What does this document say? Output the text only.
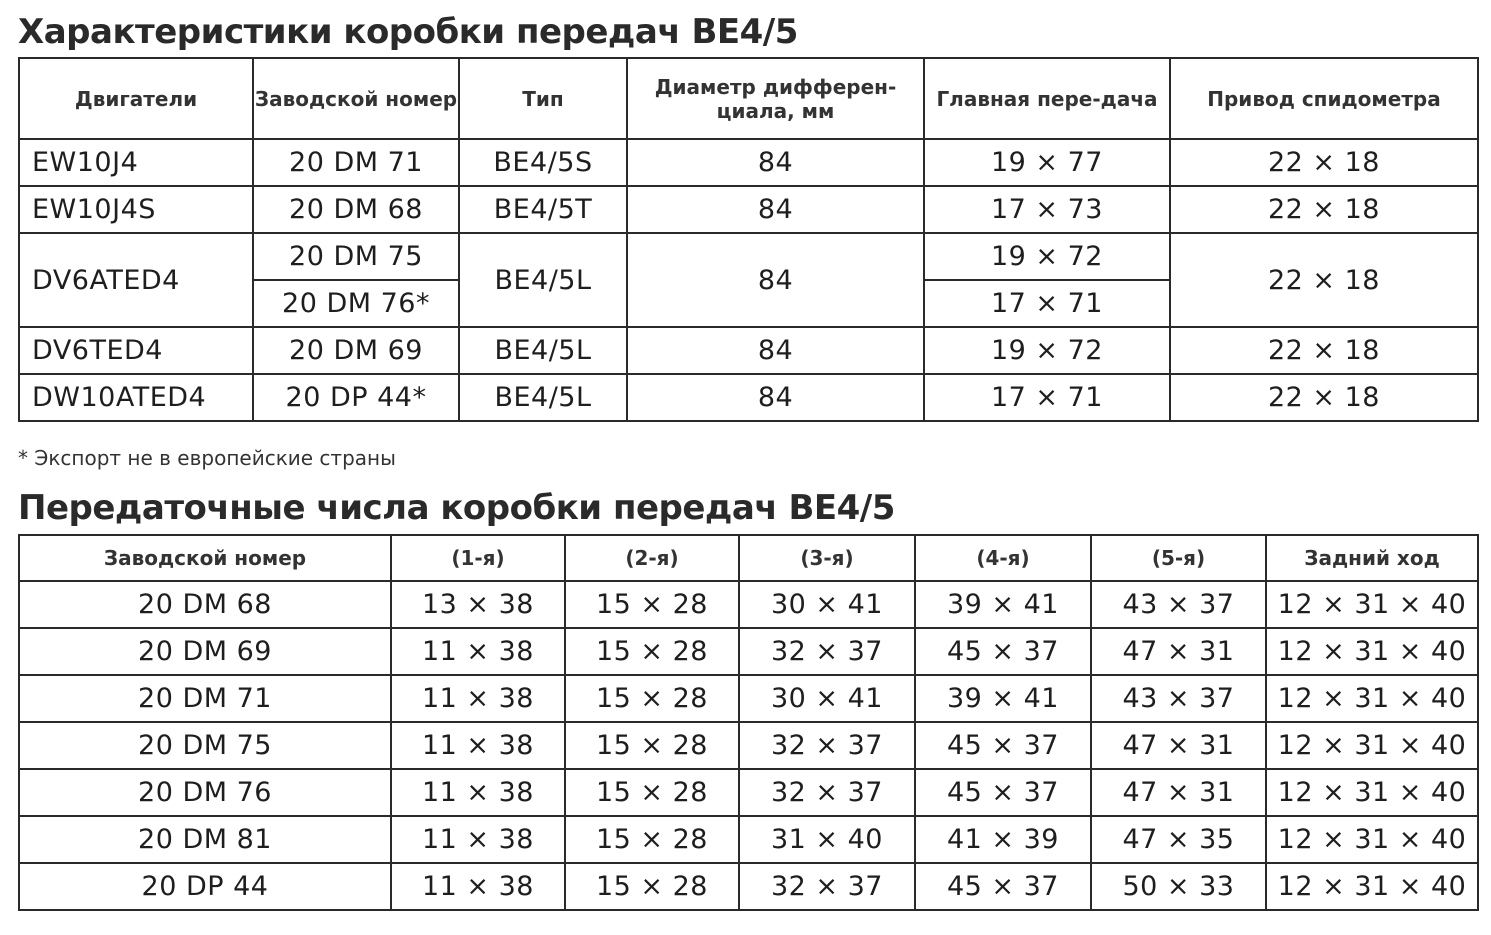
Характеристики коробки передач BE4/5
Двигатели	Заводской номер	Тип	Диаметр дифферен-циала, мм	Главная пере-дача	Привод спидометра
EW10J4	20 DM 71	BE4/5S	84	19 × 77	22 × 18
EW10J4S	20 DM 68	BE4/5T	84	17 × 73	22 × 18
DV6ATED4	20 DM 75	BE4/5L	84	19 × 72	22 × 18
	20 DM 76*			17 × 71	
DV6TED4	20 DM 69	BE4/5L	84	19 × 72	22 × 18
DW10ATED4	20 DP 44*	BE4/5L	84	17 × 71	22 × 18

* Экспорт не в европейские страны

Передаточные числа коробки передач BE4/5
Заводской номер	(1-я)	(2-я)	(3-я)	(4-я)	(5-я)	Задний ход
20 DM 68	13 × 38	15 × 28	30 × 41	39 × 41	43 × 37	12 × 31 × 40
20 DM 69	11 × 38	15 × 28	32 × 37	45 × 37	47 × 31	12 × 31 × 40
20 DM 71	11 × 38	15 × 28	30 × 41	39 × 41	43 × 37	12 × 31 × 40
20 DM 75	11 × 38	15 × 28	32 × 37	45 × 37	47 × 31	12 × 31 × 40
20 DM 76	11 × 38	15 × 28	32 × 37	45 × 37	47 × 31	12 × 31 × 40
20 DM 81	11 × 38	15 × 28	31 × 40	41 × 39	47 × 35	12 × 31 × 40
20 DP 44	11 × 38	15 × 28	32 × 37	45 × 37	50 × 33	12 × 31 × 40
